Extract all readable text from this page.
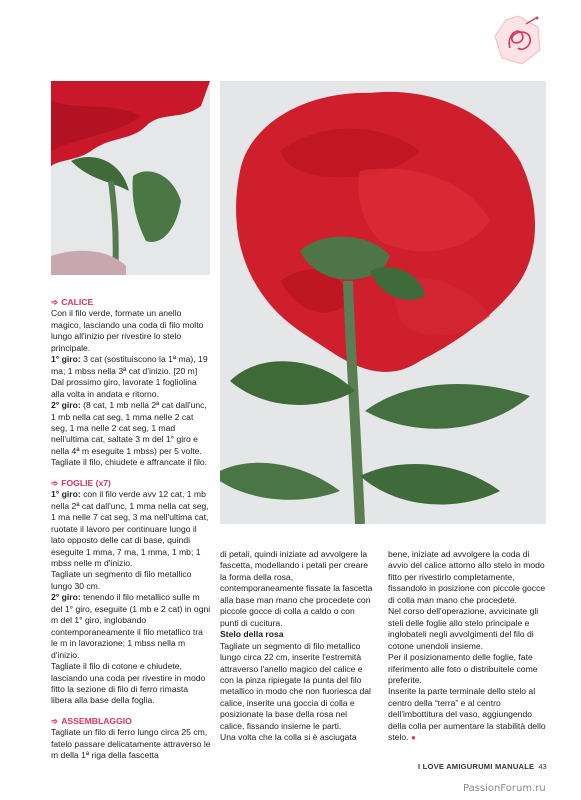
➾ CALICE

Con il filo verde, formate un anello magico, lasciando una coda di filo molto lungo all'inizio per rivestire lo stelo principale.

1° giro: 3 cat (sostituiscono la 1ª ma), 19 ma; 1 mbss nella 3ª cat d'inizio. [20 m]

Dal prossimo giro, lavorate 1 fogliolina alla volta in andata e ritorno.

2° giro: (8 cat, 1 mb nella 2ª cat dall'unc, 1 mb nella cat seg, 1 mma nelle 2 cat seg, 1 ma nelle 2 cat seg, 1 mad nell'ultima cat, saltate 3 m del 1° giro e nella 4ª m eseguite 1 mbss) per 5 volte. Tagliate il filo, chiudete e affrancate il filo.

➾ FOGLIE (x7)

1° giro: con il filo verde avv 12 cat, 1 mb nella 2ª cat dall'unc, 1 mma nella cat seg, 1 ma nelle 7 cat seg, 3 ma nell'ultima cat, ruotate il lavoro per continuare lungo il lato opposto delle cat di base, quindi eseguite 1 mma, 7 ma, 1 mma, 1 mb; 1 mbss nelle m d'inizio.

Tagliate un segmento di filo metallico lungo 30 cm.

2° giro: tenendo il filo metallico sulle m del 1° giro, eseguite (1 mb e 2 cat) in ogni m del 1° giro, inglobando contemporaneamente il filo metallico tra le m in lavorazione; 1 mbss nella m d'inizio.

Tagliate il filo di cotone e chiudete, lasciando una coda per rivestire in modo fitto la sezione di filo di ferro rimasta libera alla base della foglia.

➾ ASSEMBLAGGIO

Tagliate un filo di ferro lungo circa 25 cm, fatelo passare delicatamente attraverso le m della 1ª riga della fascetta

di petali, quindi iniziate ad avvolgere la fascetta, modellando i petali per creare la forma della rosa, contemporaneamente fissate la fascetta alla base man mano che procedete con piccole gocce di colla a caldo o con punti di cucitura.

Stelo della rosa

Tagliate un segmento di filo metallico lungo circa 22 cm, inserite l'estremità attraverso l'anello magico del calice e con la pinza ripiegate la punta del filo metallico in modo che non fuoriesca dal calice, inserite una goccia di colla e posizionate la base della rosa nel calice, fissando insieme le parti.

Una volta che la colla si è asciugata

bene, iniziate ad avvolgere la coda di avvio del calice attorno allo stelo in modo fitto per rivestirlo completamente, fissandolo in posizione con piccole gocce di colla man mano che procedete.

Nel corso dell'operazione, avvicinate gli steli delle foglie allo stelo principale e inglobateli negli avvolgimenti del filo di cotone unendoli insieme.

Per il posizionamento delle foglie, fate riferimento alle foto o distribuitele come preferite.

Inserite la parte terminale dello stelo al centro della “terra” e al centro dell'imbottitura del vaso, aggiungendo della colla per aumentare la stabilità dello stelo. ●

I LOVE AMIGURUMI MANUALE 43
PassionForum.ru
